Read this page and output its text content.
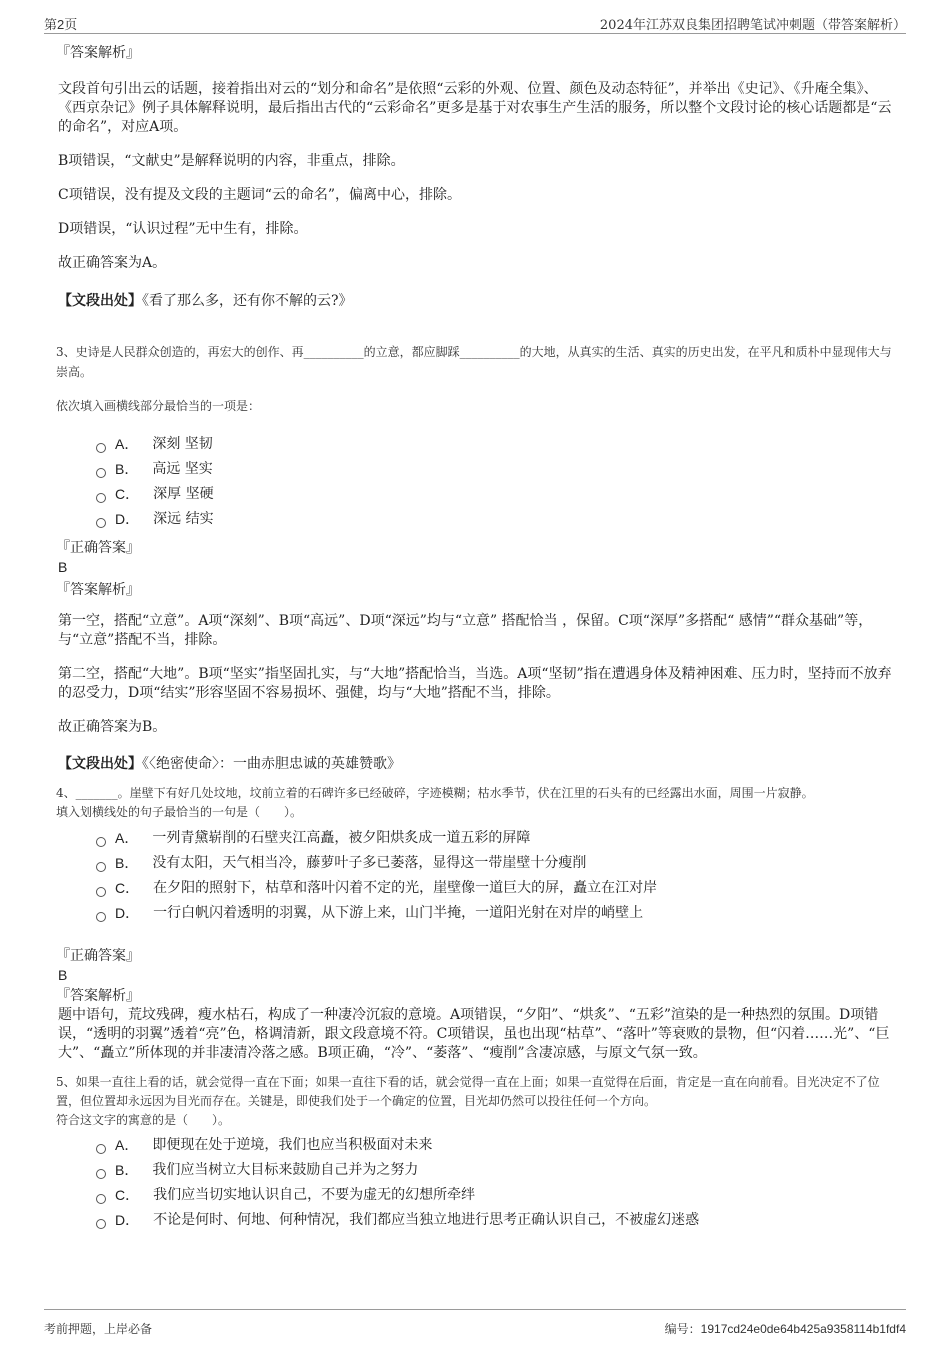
第2页	2024年江苏双良集团招聘笔试冲刺题（带答案解析）

『答案解析』

文段首句引出云的话题，接着指出对云的“划分和命名”是依照“云彩的外观、位置、颜色及动态特征”，并举出《史记》、《升庵全集》、《西京杂记》例子具体解释说明，最后指出古代的“云彩命名”更多是基于对农事生产生活的服务，所以整个文段讨论的核心话题都是“云的命名”，对应A项。

B项错误，“文献史”是解释说明的内容，非重点，排除。

C项错误，没有提及文段的主题词“云的命名”，偏离中心，排除。

D项错误，“认识过程”无中生有，排除。

故正确答案为A。

【文段出处】《看了那么多，还有你不解的云?》

3、史诗是人民群众创造的，再宏大的创作、再__________的立意，都应脚踩__________的大地，从真实的生活、真实的历史出发，在平凡和质朴中显现伟大与崇高。

依次填入画横线部分最恰当的一项是：

A． 深刻 坚韧
B． 高远 坚实
C． 深厚 坚硬
D． 深远 结实

『正确答案』

B

『答案解析』

第一空，搭配“立意”。A项“深刻”、B项“高远”、D项“深远”均与“立意” 搭配恰当 ，保留。C项“深厚”多搭配“ 感情”“群众基础”等，与“立意”搭配不当，排除。

第二空，搭配“大地”。B项“坚实”指坚固扎实，与“大地”搭配恰当，当选。A项“坚韧”指在遭遇身体及精神困难、压力时，坚持而不放弃的忍受力，D项“结实”形容坚固不容易损坏、强健，均与“大地”搭配不当，排除。

故正确答案为B。

【文段出处】《〈绝密使命〉：一曲赤胆忠诚的英雄赞歌》

4、_______。崖壁下有好几处坟地，坟前立着的石碑许多已经破碎，字迹模糊；枯水季节，伏在江里的石头有的已经露出水面，周围一片寂静。

填入划横线处的句子最恰当的一句是（　　）。

A． 一列青黛崭削的石壁夹江高矗，被夕阳烘炙成一道五彩的屏障
B． 没有太阳，天气相当冷，藤萝叶子多已萎落，显得这一带崖壁十分瘦削
C． 在夕阳的照射下，枯草和落叶闪着不定的光，崖壁像一道巨大的屏，矗立在江对岸
D． 一行白帆闪着透明的羽翼，从下游上来，山门半掩，一道阳光射在对岸的峭壁上

『正确答案』

B

『答案解析』

题中语句，荒坟残碑，瘦水枯石，构成了一种凄冷沉寂的意境。A项错误，“夕阳”、“烘炙”、“五彩”渲染的是一种热烈的氛围。D项错误，“透明的羽翼”透着“亮”色，格调清新，跟文段意境不符。C项错误，虽也出现“枯草”、“落叶”等衰败的景物，但“闪着……光”、“巨大”、“矗立”所体现的并非凄清冷落之感。B项正确，“冷”、“萎落”、“瘦削”含凄凉感，与原文气氛一致。

5、如果一直往上看的话，就会觉得一直在下面；如果一直往下看的话，就会觉得一直在上面；如果一直觉得在后面，肯定是一直在向前看。目光决定不了位置，但位置却永远因为目光而存在。关键是，即使我们处于一个确定的位置，目光却仍然可以投往任何一个方向。

符合这文字的寓意的是（　　）。

A． 即便现在处于逆境，我们也应当积极面对未来
B． 我们应当树立大目标来鼓励自己并为之努力
C． 我们应当切实地认识自己，不要为虚无的幻想所牵绊
D． 不论是何时、何地、何种情况，我们都应当独立地进行思考正确认识自己，不被虚幻迷惑
考前押题，上岸必备	编号：1917cd24e0de64b425a9358114b1fdf4
